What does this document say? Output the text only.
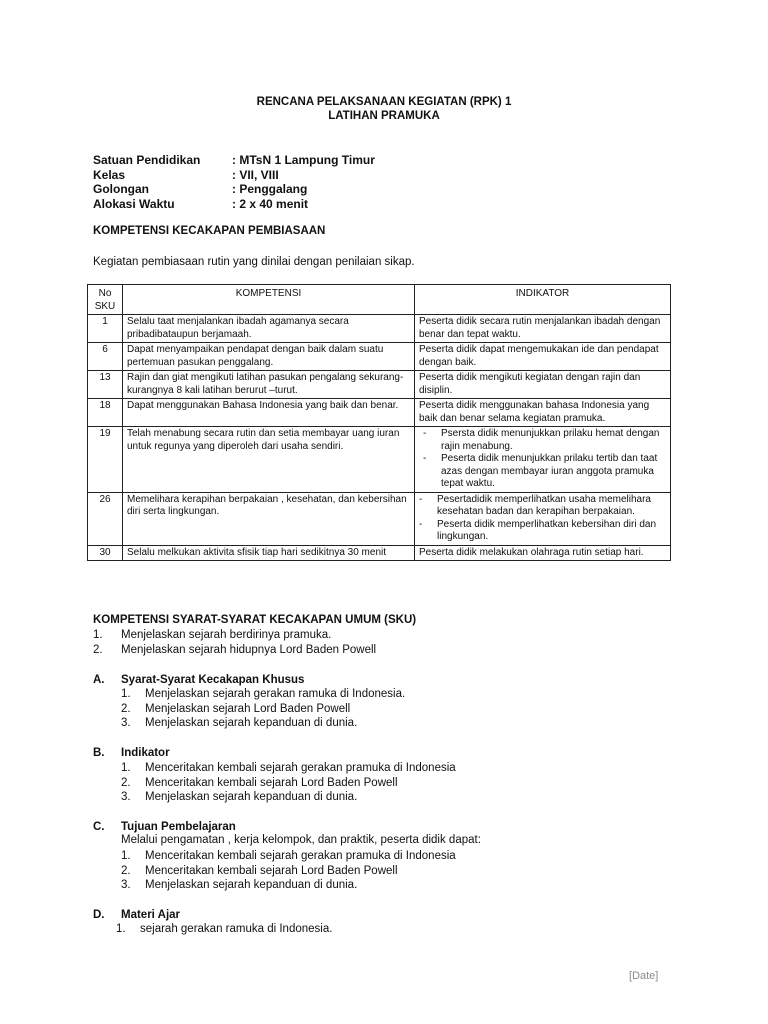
RENCANA PELAKSANAAN KEGIATAN (RPK) 1
LATIHAN PRAMUKA
Satuan Pendidikan	: MTsN 1 Lampung Timur
Kelas	: VII, VIII
Golongan	: Penggalang
Alokasi Waktu	: 2 x 40 menit
KOMPETENSI KECAKAPAN PEMBIASAAN
Kegiatan pembiasaan rutin yang dinilai dengan penilaian sikap.
No SKU	KOMPETENSI	INDIKATOR
1	Selalu taat menjalankan ibadah agamanya secara pribadibataupun berjamaah.	Peserta didik secara rutin menjalankan ibadah dengan benar dan tepat waktu.
6	Dapat menyampaikan pendapat dengan baik dalam suatu pertemuan pasukan penggalang.	Peserta didik dapat mengemukakan ide dan pendapat dengan baik.
13	Rajin dan giat mengikuti latihan pasukan pengalang sekurang-kurangnya 8 kali latihan berurut –turut.	Peserta didik mengikuti kegiatan dengan rajin dan disiplin.
18	Dapat menggunakan Bahasa Indonesia yang baik dan benar.	Peserta didik menggunakan bahasa Indonesia yang baik dan benar selama kegiatan pramuka.
19	Telah menabung secara rutin dan setia membayar uang iuran untuk regunya yang diperoleh dari usaha sendiri.	- Psersta didik menunjukkan prilaku hemat dengan rajin menabung.
- Peserta didik menunjukkan prilaku tertib dan taat azas dengan membayar iuran anggota pramuka tepat waktu.

26	Memelihara kerapihan berpakaian , kesehatan, dan kebersihan diri serta lingkungan.	- Pesertadidik memperlihatkan usaha memelihara kesehatan badan dan kerapihan berpakaian.
- Peserta didik memperlihatkan kebersihan diri dan lingkungan.

30	Selalu melkukan aktivita sfisik tiap hari sedikitnya 30 menit	Peserta didik melakukan olahraga rutin setiap hari.
KOMPETENSI SYARAT-SYARAT KECAKAPAN UMUM (SKU)
1.	Menjelaskan sejarah berdirinya pramuka.
2.	Menjelaskan sejarah hidupnya Lord Baden Powell
A.	Syarat-Syarat Kecakapan Khusus
1.	Menjelaskan sejarah gerakan ramuka di Indonesia.
2.	Menjelaskan sejarah Lord Baden Powell
3.	Menjelaskan sejarah kepanduan di dunia.
B.	Indikator
1.	Menceritakan kembali sejarah gerakan pramuka di Indonesia
2.	Menceritakan kembali sejarah Lord Baden Powell
3.	Menjelaskan sejarah kepanduan di dunia.
C.	Tujuan Pembelajaran
Melalui pengamatan , kerja kelompok, dan praktik, peserta didik dapat:
1.	Menceritakan kembali sejarah gerakan pramuka di Indonesia
2.	Menceritakan kembali sejarah Lord Baden Powell
3.	Menjelaskan sejarah kepanduan di dunia.
D.	Materi Ajar
1.	sejarah gerakan ramuka di Indonesia.
[Date]
